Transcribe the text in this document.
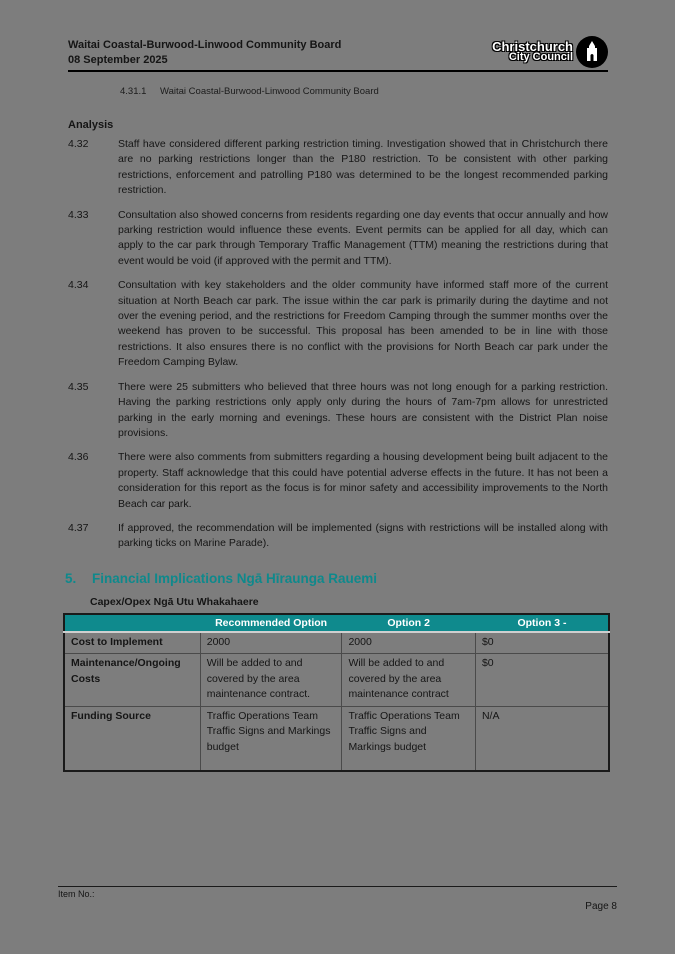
Waitai Coastal-Burwood-Linwood Community Board
08 September 2025
Christchurch
City Council
4.31.1	Waitai Coastal-Burwood-Linwood Community Board
Analysis
4.32	Staff have considered different parking restriction timing. Investigation showed that in Christchurch there are no parking restrictions longer than the P180 restriction. To be consistent with other parking restrictions, enforcement and patrolling P180 was determined to be the longest recommended parking restriction.
4.33	Consultation also showed concerns from residents regarding one day events that occur annually and how parking restriction would influence these events. Event permits can be applied for all day, which can apply to the car park through Temporary Traffic Management (TTM) meaning the restrictions during that event would be void (if approved with the permit and TTM).
4.34	Consultation with key stakeholders and the older community have informed staff more of the current situation at North Beach car park. The issue within the car park is primarily during the daytime and not over the evening period, and the restrictions for Freedom Camping through the summer months over the weekend has proven to be successful. This proposal has been amended to be in line with those restrictions. It also ensures there is no conflict with the provisions for North Beach car park under the Freedom Camping Bylaw.
4.35	There were 25 submitters who believed that three hours was not long enough for a parking restriction. Having the parking restrictions only apply only during the hours of 7am-7pm allows for unrestricted parking in the early morning and evenings. These hours are consistent with the District Plan noise provisions.
4.36	There were also comments from submitters regarding a housing development being built adjacent to the property. Staff acknowledge that this could have potential adverse effects in the future. It has not been a consideration for this report as the focus is for minor safety and accessibility improvements to the North Beach car park.
4.37	If approved, the recommendation will be implemented (signs with restrictions will be installed along with parking ticks on Marine Parade).
5.	Financial Implications Ngā Hīraunga Rauemi
Capex/Opex Ngā Utu Whakahaere
	Recommended Option	Option 2	Option 3 -
Cost to Implement	2000	2000	$0
Maintenance/Ongoing Costs	Will be added to and covered by the area maintenance contract.	Will be added to and covered by the area maintenance contract	$0
Funding Source	Traffic Operations Team Traffic Signs and Markings budget	Traffic Operations Team Traffic Signs and Markings budget	N/A
Item No.:
Page 8
